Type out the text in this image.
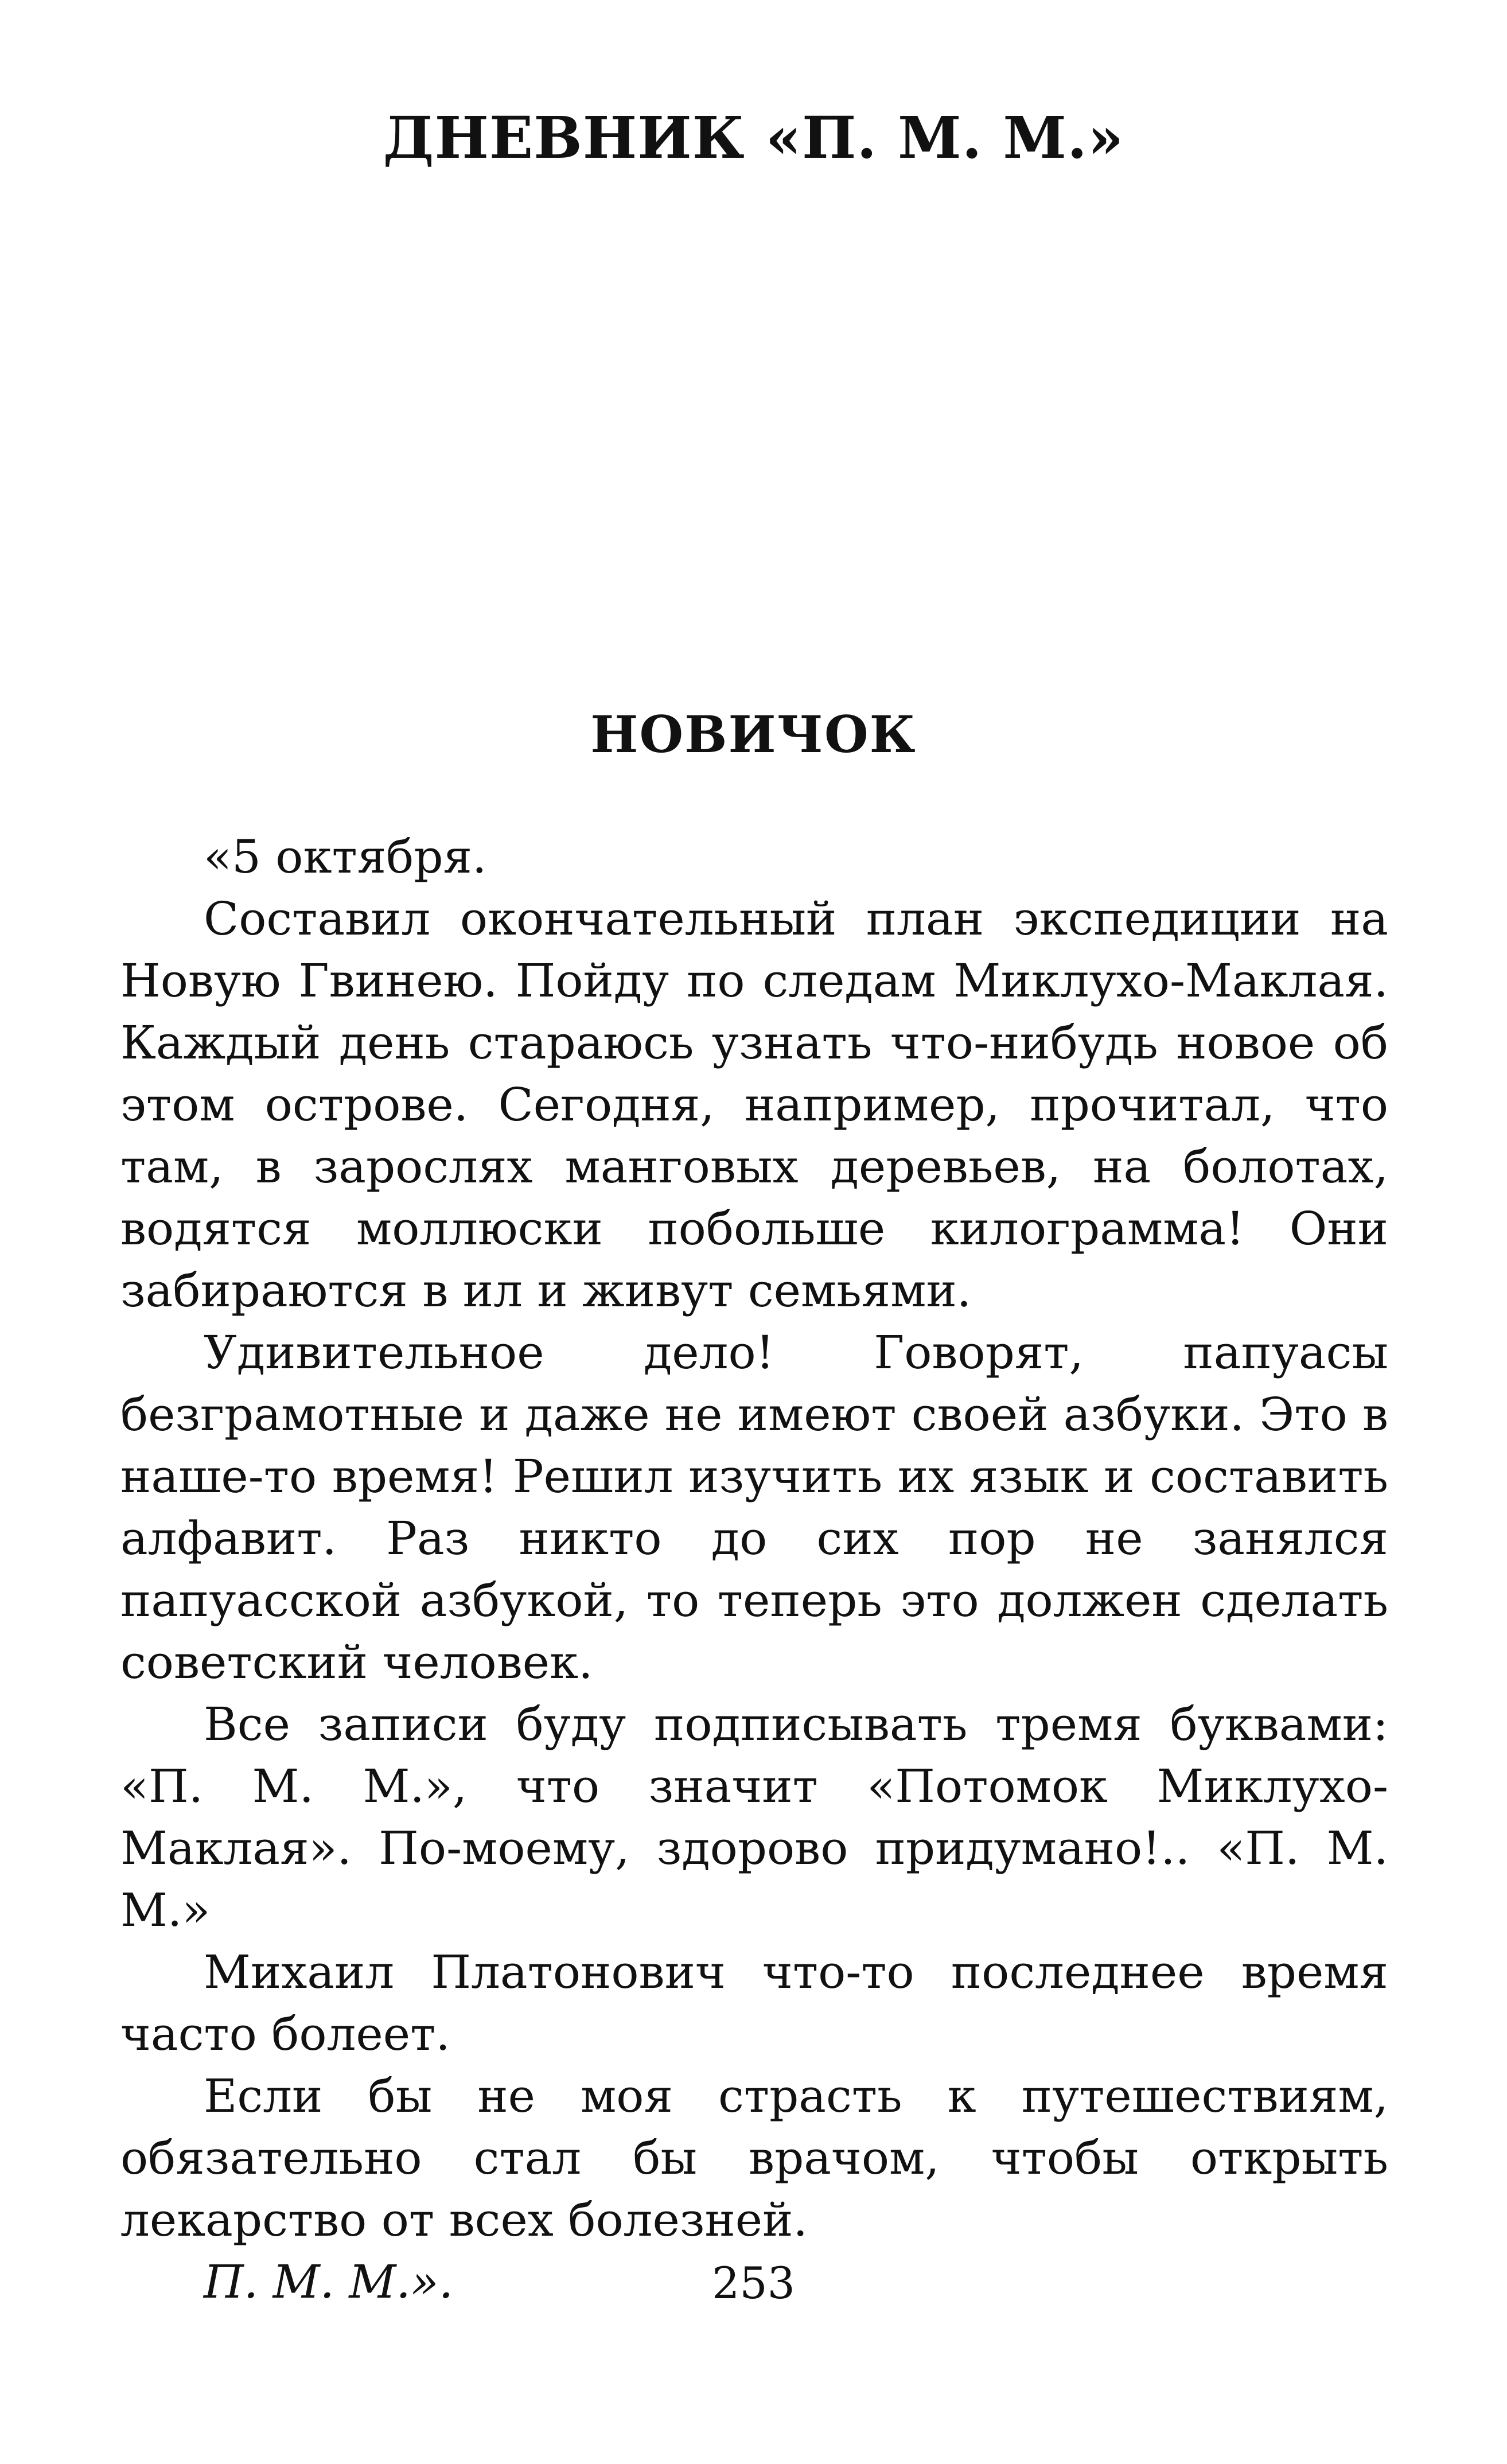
ДНЕВНИК «П. М. М.»
НОВИЧОК

«5 октября.

Составил окончательный план экспедиции на Новую Гвинею. Пойду по следам Миклухо-Маклая. Каждый день стараюсь узнать что-нибудь новое об этом острове. Сегодня, например, прочитал, что там, в зарослях манговых деревьев, на болотах, водятся моллюски побольше килограмма! Они забираются в ил и живут семьями.

Удивительное дело! Говорят, папуасы безграмотные и даже не имеют своей азбуки. Это в наше-то время! Решил изучить их язык и составить алфавит. Раз никто до сих пор не занялся папуасской азбукой, то теперь это должен сделать советский человек.

Все записи буду подписывать тремя буквами: «П. М. М.», что значит «Потомок Миклухо-Маклая». По-моему, здорово придумано!.. «П. М. М.»

Михаил Платонович что-то последнее время часто болеет.

Если бы не моя страсть к путешествиям, обязательно стал бы врачом, чтобы открыть лекарство от всех болезней.

П. М. М.».	253
